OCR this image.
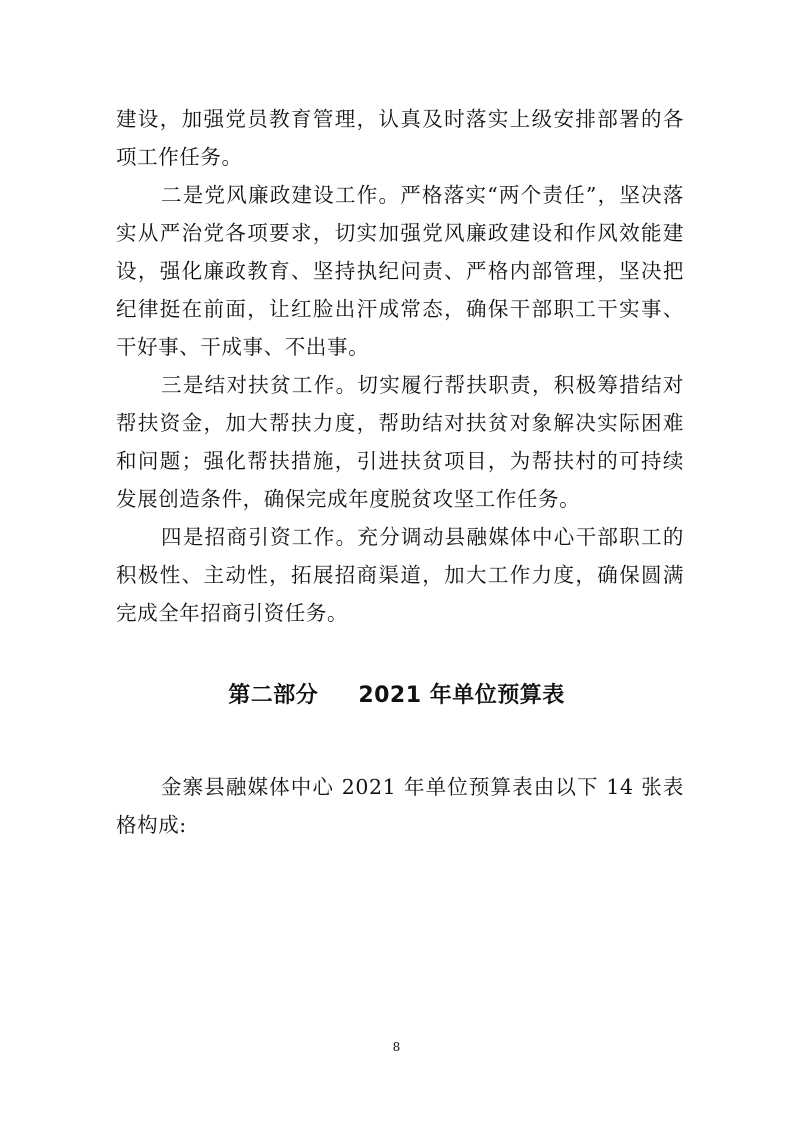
建设，加强党员教育管理，认真及时落实上级安排部署的各项工作任务。

二是党风廉政建设工作。严格落实“两个责任”，坚决落实从严治党各项要求，切实加强党风廉政建设和作风效能建设，强化廉政教育、坚持执纪问责、严格内部管理，坚决把纪律挺在前面，让红脸出汗成常态，确保干部职工干实事、干好事、干成事、不出事。

三是结对扶贫工作。切实履行帮扶职责，积极筹措结对帮扶资金，加大帮扶力度，帮助结对扶贫对象解决实际困难和问题；强化帮扶措施，引进扶贫项目，为帮扶村的可持续发展创造条件，确保完成年度脱贫攻坚工作任务。

四是招商引资工作。充分调动县融媒体中心干部职工的积极性、主动性，拓展招商渠道，加大工作力度，确保圆满完成全年招商引资任务。

第二部分 2021 年单位预算表

金寨县融媒体中心 2021 年单位预算表由以下 14 张表格构成:

8
